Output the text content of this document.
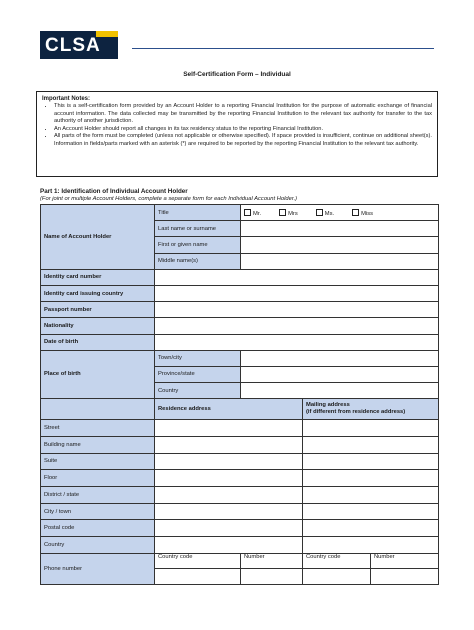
CLSA
Self-Certification Form – Individual
Important Notes:
• This is a self-certification form provided by an Account Holder to a reporting Financial Institution for the purpose of automatic exchange of financial account information. The data collected may be transmitted by the reporting Financial Institution to the relevant tax authority for transfer to the tax authority of another jurisdiction.
• An Account Holder should report all changes in its tax residency status to the reporting Financial Institution.
• All parts of the form must be completed (unless not applicable or otherwise specified). If space provided is insufficient, continue on additional sheet(s). Information in fields/parts marked with an asterisk (*) are required to be reported by the reporting Financial Institution to the relevant tax authority.
Part 1: Identification of Individual Account Holder
(For joint or multiple Account Holders, complete a separate form for each Individual Account Holder.)
Name of Account Holder	Title	Mr. Mrs Ms. Miss		

	Last name or surname			
	First or given name			
	Middle name(s)			
Identity card number				
Identity card issuing country				
Passport number				
Nationality				
Date of birth				
Place of birth	Town/city			
	Province/state			
	Country			
	Residence address		Mailing address
(if different from residence address)	

Street				
Building name				
Suite				
Floor				
District / state				
City / town				
Postal code				
Country				
Phone number	Country code	Number	Country code	Number
